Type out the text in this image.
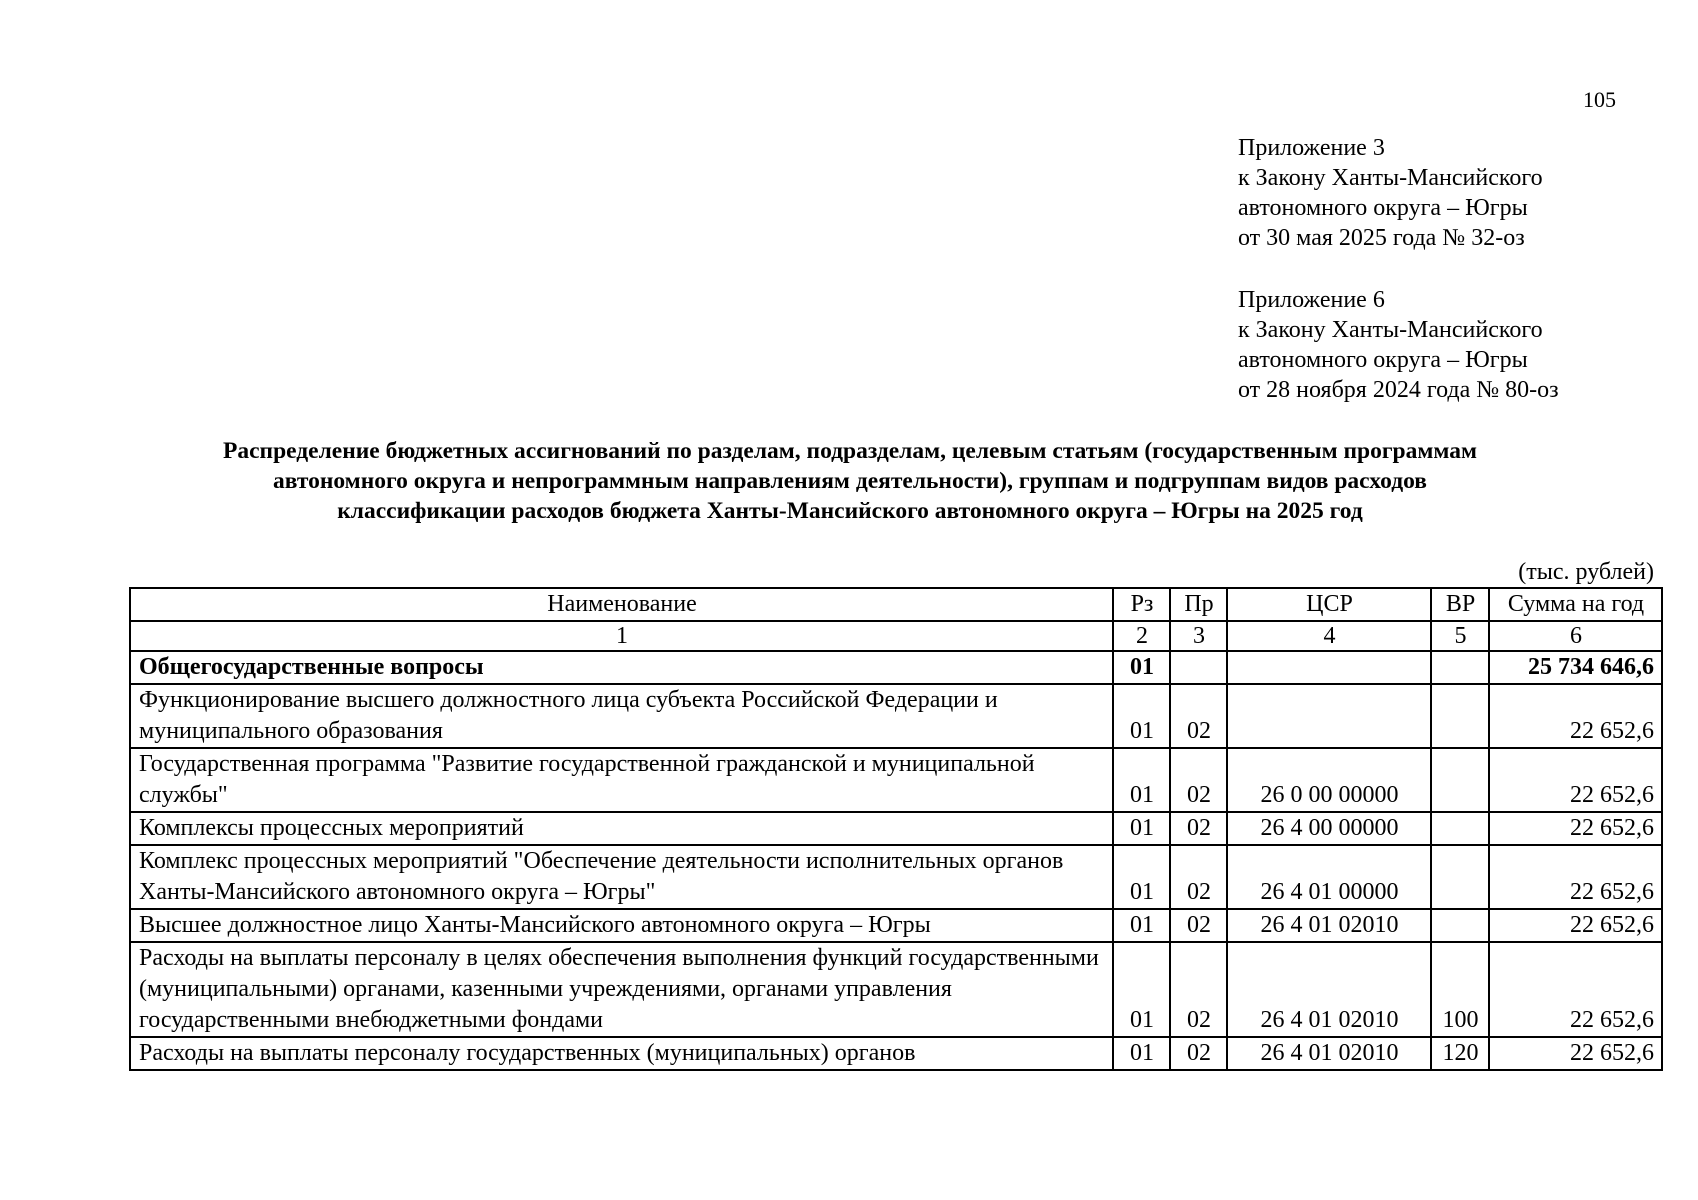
105
Приложение 3
к Закону Ханты-Мансийского
автономного округа – Югры
от 30 мая 2025 года № 32-оз
Приложение 6
к Закону Ханты-Мансийского
автономного округа – Югры
от 28 ноября 2024 года № 80-оз
Распределение бюджетных ассигнований по разделам, подразделам, целевым статьям (государственным программам
автономного округа и непрограммным направлениям деятельности), группам и подгруппам видов расходов
классификации расходов бюджета Ханты-Мансийского автономного округа – Югры на 2025 год
(тыс. рублей)
Наименование	Рз	Пр	ЦСР	ВР	Сумма на год
1	2	3	4	5	6
Общегосударственные вопросы	01				25 734 646,6
Функционирование высшего должностного лица субъекта Российской Федерации и муниципального образования	01	02			22 652,6
Государственная программа "Развитие государственной гражданской и муниципальной службы"	01	02	26 0 00 00000		22 652,6
Комплексы процессных мероприятий	01	02	26 4 00 00000		22 652,6
Комплекс процессных мероприятий "Обеспечение деятельности исполнительных органов Ханты-Мансийского автономного округа – Югры"	01	02	26 4 01 00000		22 652,6
Высшее должностное лицо Ханты-Мансийского автономного округа – Югры	01	02	26 4 01 02010		22 652,6
Расходы на выплаты персоналу в целях обеспечения выполнения функций государственными (муниципальными) органами, казенными учреждениями, органами управления государственными внебюджетными фондами	01	02	26 4 01 02010	100	22 652,6
Расходы на выплаты персоналу государственных (муниципальных) органов	01	02	26 4 01 02010	120	22 652,6
